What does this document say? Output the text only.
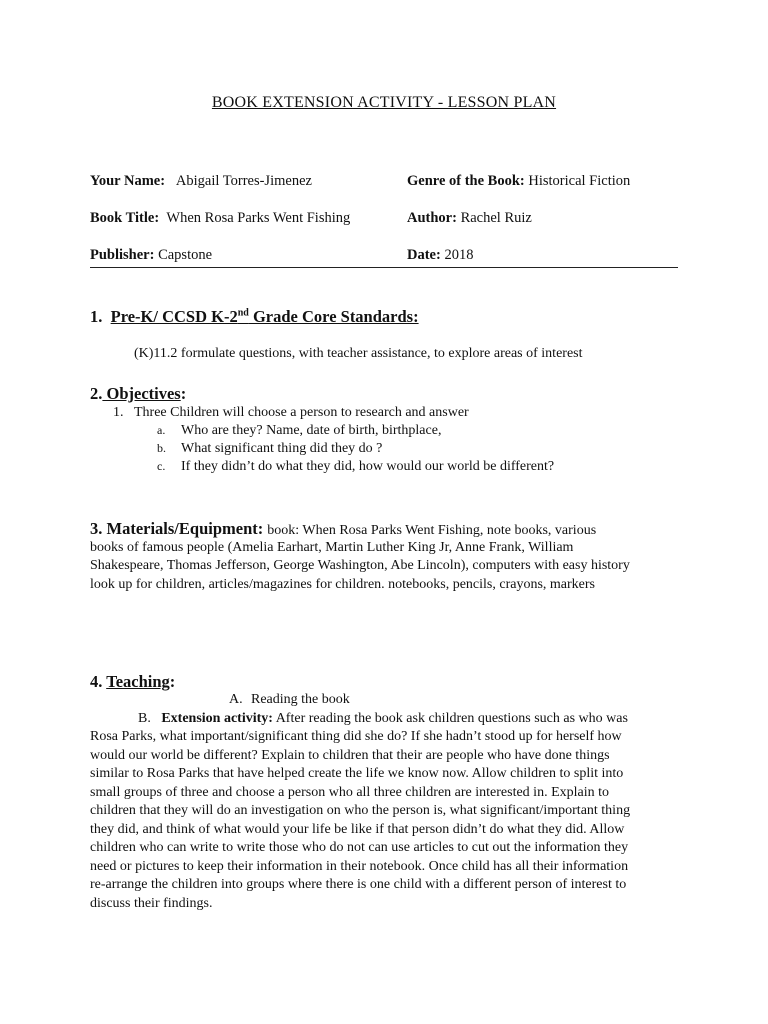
BOOK EXTENSION ACTIVITY - LESSON PLAN
Your Name: Abigail Torres-Jimenez	Genre of the Book: Historical Fiction
Book Title: When Rosa Parks Went Fishing	Author: Rachel Ruiz
Publisher: Capstone	Date: 2018
1. Pre-K/ CCSD K-2nd Grade Core Standards:
(K)11.2 formulate questions, with teacher assistance, to explore areas of interest
2. Objectives:
1. Three Children will choose a person to research and answer
a. Who are they? Name, date of birth, birthplace,
b. What significant thing did they do ?
c. If they didn’t do what they did, how would our world be different?
3. Materials/Equipment: book: When Rosa Parks Went Fishing, note books, various
books of famous people (Amelia Earhart, Martin Luther King Jr, Anne Frank, William
Shakespeare, Thomas Jefferson, George Washington, Abe Lincoln), computers with easy history
look up for children, articles/magazines for children. notebooks, pencils, crayons, markers
4. Teaching:
A. Reading the book
B. Extension activity: After reading the book ask children questions such as who was
Rosa Parks, what important/significant thing did she do? If she hadn’t stood up for herself how
would our world be different? Explain to children that their are people who have done things
similar to Rosa Parks that have helped create the life we know now. Allow children to split into
small groups of three and choose a person who all three children are interested in. Explain to
children that they will do an investigation on who the person is, what significant/important thing
they did, and think of what would your life be like if that person didn’t do what they did. Allow
children who can write to write those who do not can use articles to cut out the information they
need or pictures to keep their information in their notebook. Once child has all their information
re-arrange the children into groups where there is one child with a different person of interest to
discuss their findings.
